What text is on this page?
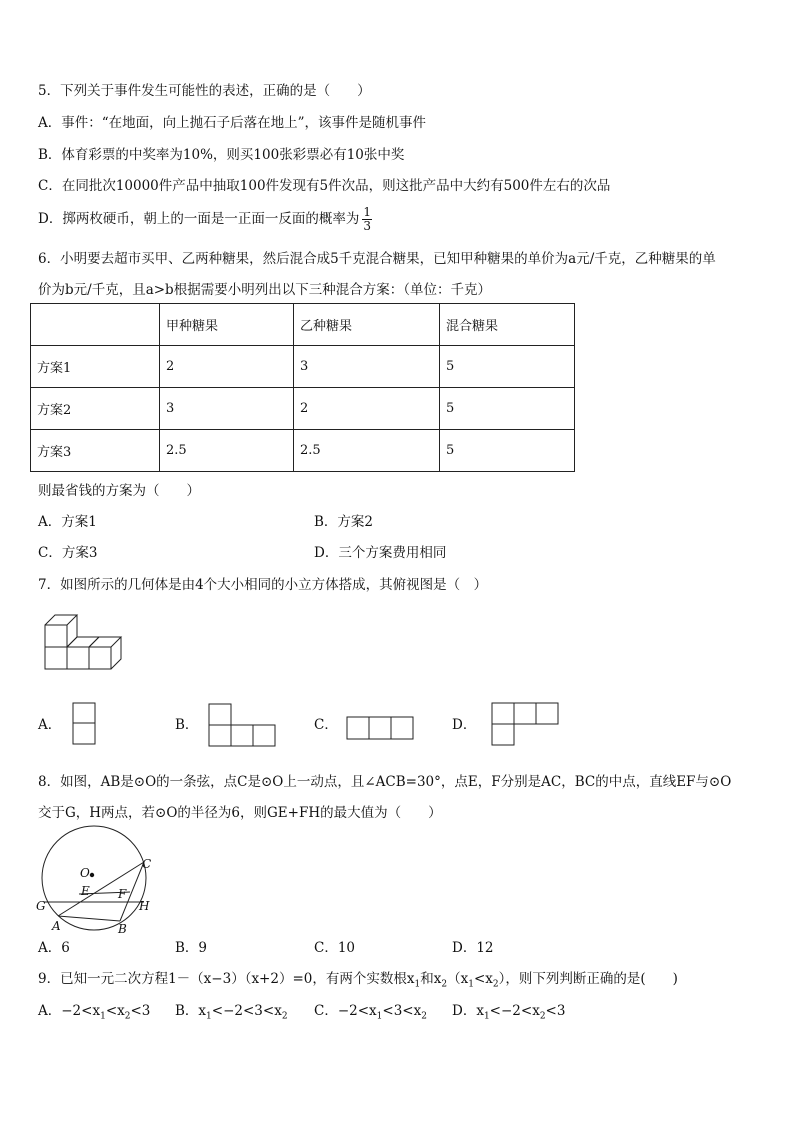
5．下列关于事件发生可能性的表述，正确的是（　　）
A．事件：“在地面，向上抛石子后落在地上”，该事件是随机事件
B．体育彩票的中奖率为10%，则买100张彩票必有10张中奖
C．在同批次10000件产品中抽取100件发现有5件次品，则这批产品中大约有500件左右的次品
D．掷两枚硬币，朝上的一面是一正面一反面的概率为 $\frac{1}{3}$
6．小明要去超市买甲、乙两种糖果，然后混合成5千克混合糖果，已知甲种糖果的单价为a元/千克，乙种糖果的单
价为b元/千克，且a>b根据需要小明列出以下三种混合方案：（单位：千克）
	甲种糖果	乙种糖果	混合糖果
方案1	2	3	5
方案2	3	2	5
方案3	2.5	2.5	5
则最省钱的方案为（　　）
A．方案1	B．方案2
C．方案3	D．三个方案费用相同
7．如图所示的几何体是由4个大小相同的小立方体搭成，其俯视图是（　）
A．	B．	C．	D．
8．如图，AB是⊙O的一条弦，点C是⊙O上一动点，且∠ACB=30°，点E，F分别是AC，BC的中点，直线EF与⊙O
交于G，H两点，若⊙O的半径为6，则GE+FH的最大值为（　　）
O
C
E F
G	H
A	B
A．6	B．9	C．10	D．12
9．已知一元二次方程1－（x−3）（x+2）=0，有两个实数根$x_1$和$x_2(x_1<x_2)$，则下列判断正确的是(　　)
A．$-2<x_1<x_2<3$ B．$x_1<-2<3<x_2$ C．$-2<x_1<3<x_2$ D．$x_1<-2<x_2<3$
